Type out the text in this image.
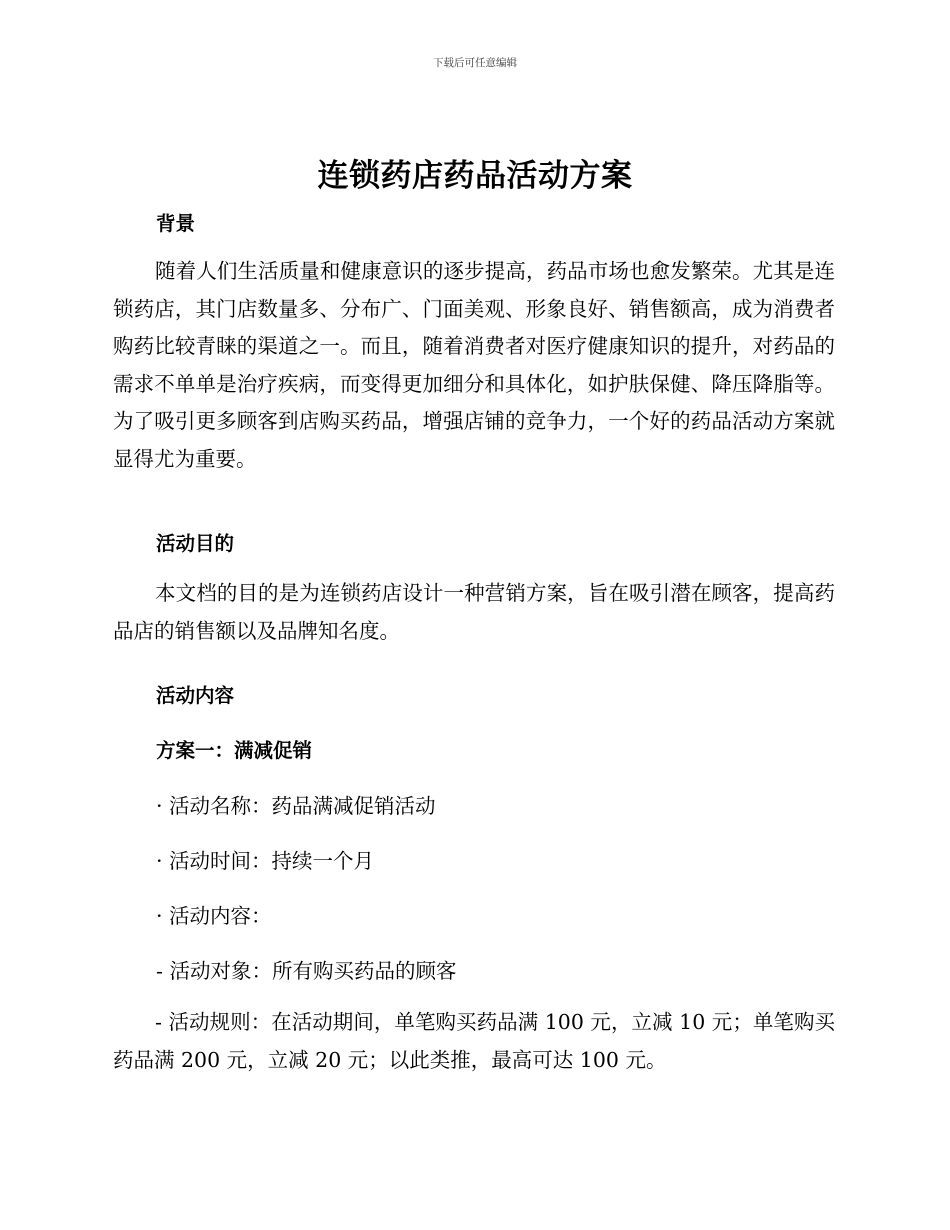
下载后可任意编辑
连锁药店药品活动方案
背景
随着人们生活质量和健康意识的逐步提高，药品市场也愈发繁荣。尤其是连锁药店，其门店数量多、分布广、门面美观、形象良好、销售额高，成为消费者购药比较青睐的渠道之一。而且，随着消费者对医疗健康知识的提升，对药品的需求不单单是治疗疾病，而变得更加细分和具体化，如护肤保健、降压降脂等。为了吸引更多顾客到店购买药品，增强店铺的竞争力，一个好的药品活动方案就显得尤为重要。
活动目的
本文档的目的是为连锁药店设计一种营销方案，旨在吸引潜在顾客，提高药品店的销售额以及品牌知名度。
活动内容
方案一：满减促销
· 活动名称：药品满减促销活动
· 活动时间：持续一个月
· 活动内容：
- 活动对象：所有购买药品的顾客
- 活动规则：在活动期间，单笔购买药品满 100 元，立减 10 元；单笔购买药品满 200 元，立减 20 元；以此类推，最高可达 100 元。
